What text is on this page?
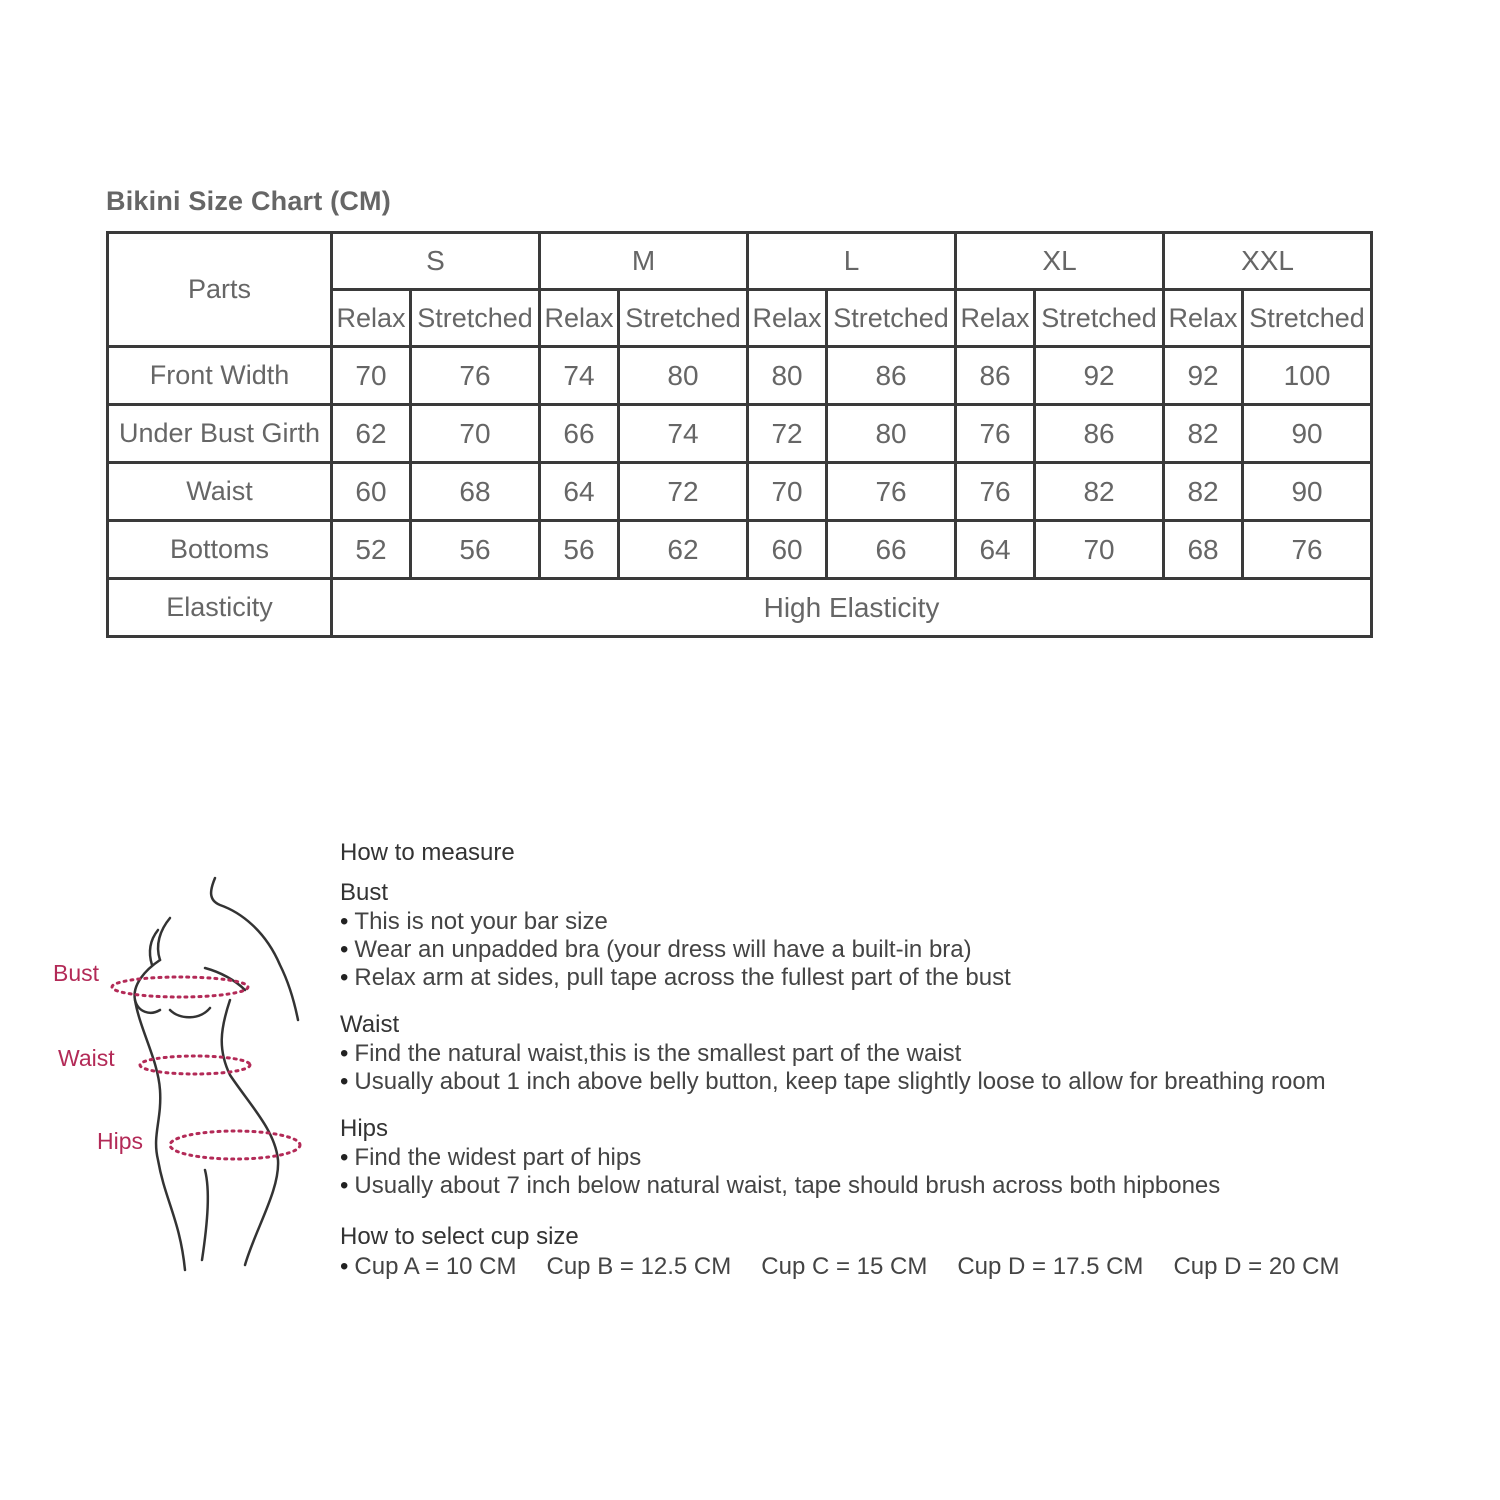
Bikini Size Chart (CM)
Parts	S		M		L		XL		XXL	
	Relax	Stretched	Relax	Stretched	Relax	Stretched	Relax	Stretched	Relax	Stretched
Front Width	70	76	74	80	80	86	86	92	92	100
Under Bust Girth	62	70	66	74	72	80	76	86	82	90
Waist	60	68	64	72	70	76	76	82	82	90
Bottoms	52	56	56	62	60	66	64	70	68	76
Elasticity	High Elasticity									
Bust
Waist
Hips
How to measure
Bust
• This is not your bar size
• Wear an unpadded bra (your dress will have a built-in bra)
• Relax arm at sides, pull tape across the fullest part of the bust
Waist
• Find the natural waist,this is the smallest part of the waist
• Usually about 1 inch above belly button, keep tape slightly loose to allow for breathing room
Hips
• Find the widest part of hips
• Usually about 7 inch below natural waist, tape should brush across both hipbones
How to select cup size
• Cup A = 10 CM Cup B = 12.5 CM Cup C = 15 CM Cup D = 17.5 CM Cup D = 20 CM
